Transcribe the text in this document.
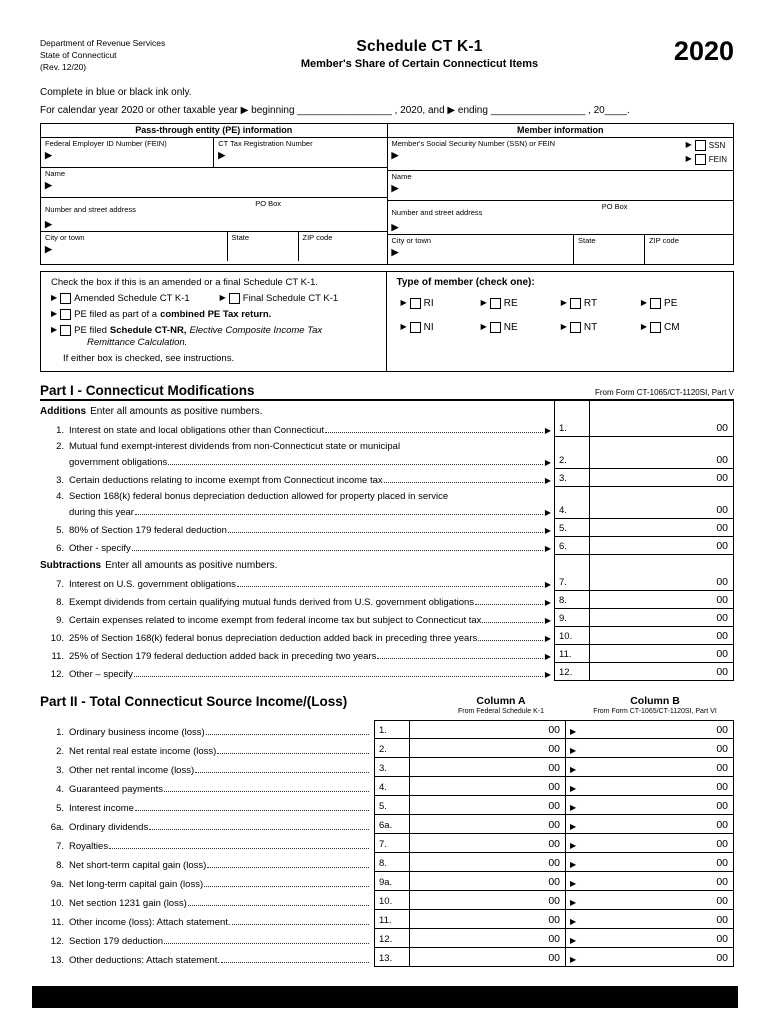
Department of Revenue Services
State of Connecticut
(Rev. 12/20)
Schedule CT K-1
Member's Share of Certain Connecticut Items	2020
Complete in blue or black ink only.
For calendar year 2020 or other taxable year ▶ beginning _________________ , 2020, and ▶ ending _________________ , 20____.
Pass-through entity (PE) information
Federal Employer ID Number (FEIN)
▶
CT Tax Registration Number
▶
Name
▶
Number and street address
PO Box
▶
City or town
▶
State	ZIP code
Member information
Member's Social Security Number (SSN) or FEIN
▶
▶ SSN
▶ FEIN
Name
▶
Number and street address
PO Box
▶
City or town
▶
State	ZIP code
Check the box if this is an amended or a final Schedule CT K-1.
▶ Amended Schedule CT K-1	▶ Final Schedule CT K-1
▶ PE filed as part of a combined PE Tax return.
▶ PE filed Schedule CT-NR, Elective Composite Income Tax
Remittance Calculation.
If either box is checked, see instructions.
Type of member (check one):
▶ RI	▶ RE	▶ RT	▶ PE
▶ NI	▶ NE	▶ NT	▶ CM
Part I - Connecticut Modifications	From Form CT-1065/CT-1120SI, Part V
Additions Enter all amounts as positive numbers.
1. Interest on state and local obligations other than Connecticut	▶ 1.	00
2. Mutual fund exempt-interest dividends from non-Connecticut state or municipal
government obligations	▶ 2.	00
3. Certain deductions relating to income exempt from Connecticut income tax	▶ 3.	00
4. Section 168(k) federal bonus depreciation deduction allowed for property placed in service
during this year	▶ 4.	00
5. 80% of Section 179 federal deduction	▶ 5.	00
6. Other - specify	▶ 6.	00
Subtractions Enter all amounts as positive numbers.
7. Interest on U.S. government obligations	▶ 7.	00
8. Exempt dividends from certain qualifying mutual funds derived from U.S. government obligations	▶ 8.	00
9. Certain expenses related to income exempt from federal income tax but subject to Connecticut tax	▶ 9.	00
10. 25% of Section 168(k) federal bonus depreciation deduction added back in preceding three years	▶ 10.	00
11. 25% of Section 179 federal deduction added back in preceding two years	▶ 11.	00
12. Other – specify	▶ 12.	00
Part II - Total Connecticut Source Income/(Loss)	Column A
From Federal Schedule K-1
Column B
From Form CT-1065/CT-1120SI, Part VI
1. Ordinary business income (loss)	1.	00 ▶	00
2. Net rental real estate income (loss)	2.	00 ▶	00
3. Other net rental income (loss)	3.	00 ▶	00
4. Guaranteed payments	4.	00 ▶	00
5. Interest income	5.	00 ▶	00
6a. Ordinary dividends	6a.	00 ▶	00
7. Royalties	7.	00 ▶	00
8. Net short-term capital gain (loss)	8.	00 ▶	00
9a. Net long-term capital gain (loss)	9a.	00 ▶	00
10. Net section 1231 gain (loss)	10.	00 ▶	00
11. Other income (loss): Attach statement.	11.	00 ▶	00
12. Section 179 deduction	12.	00 ▶	00
13. Other deductions: Attach statement.	13.	00 ▶	00
